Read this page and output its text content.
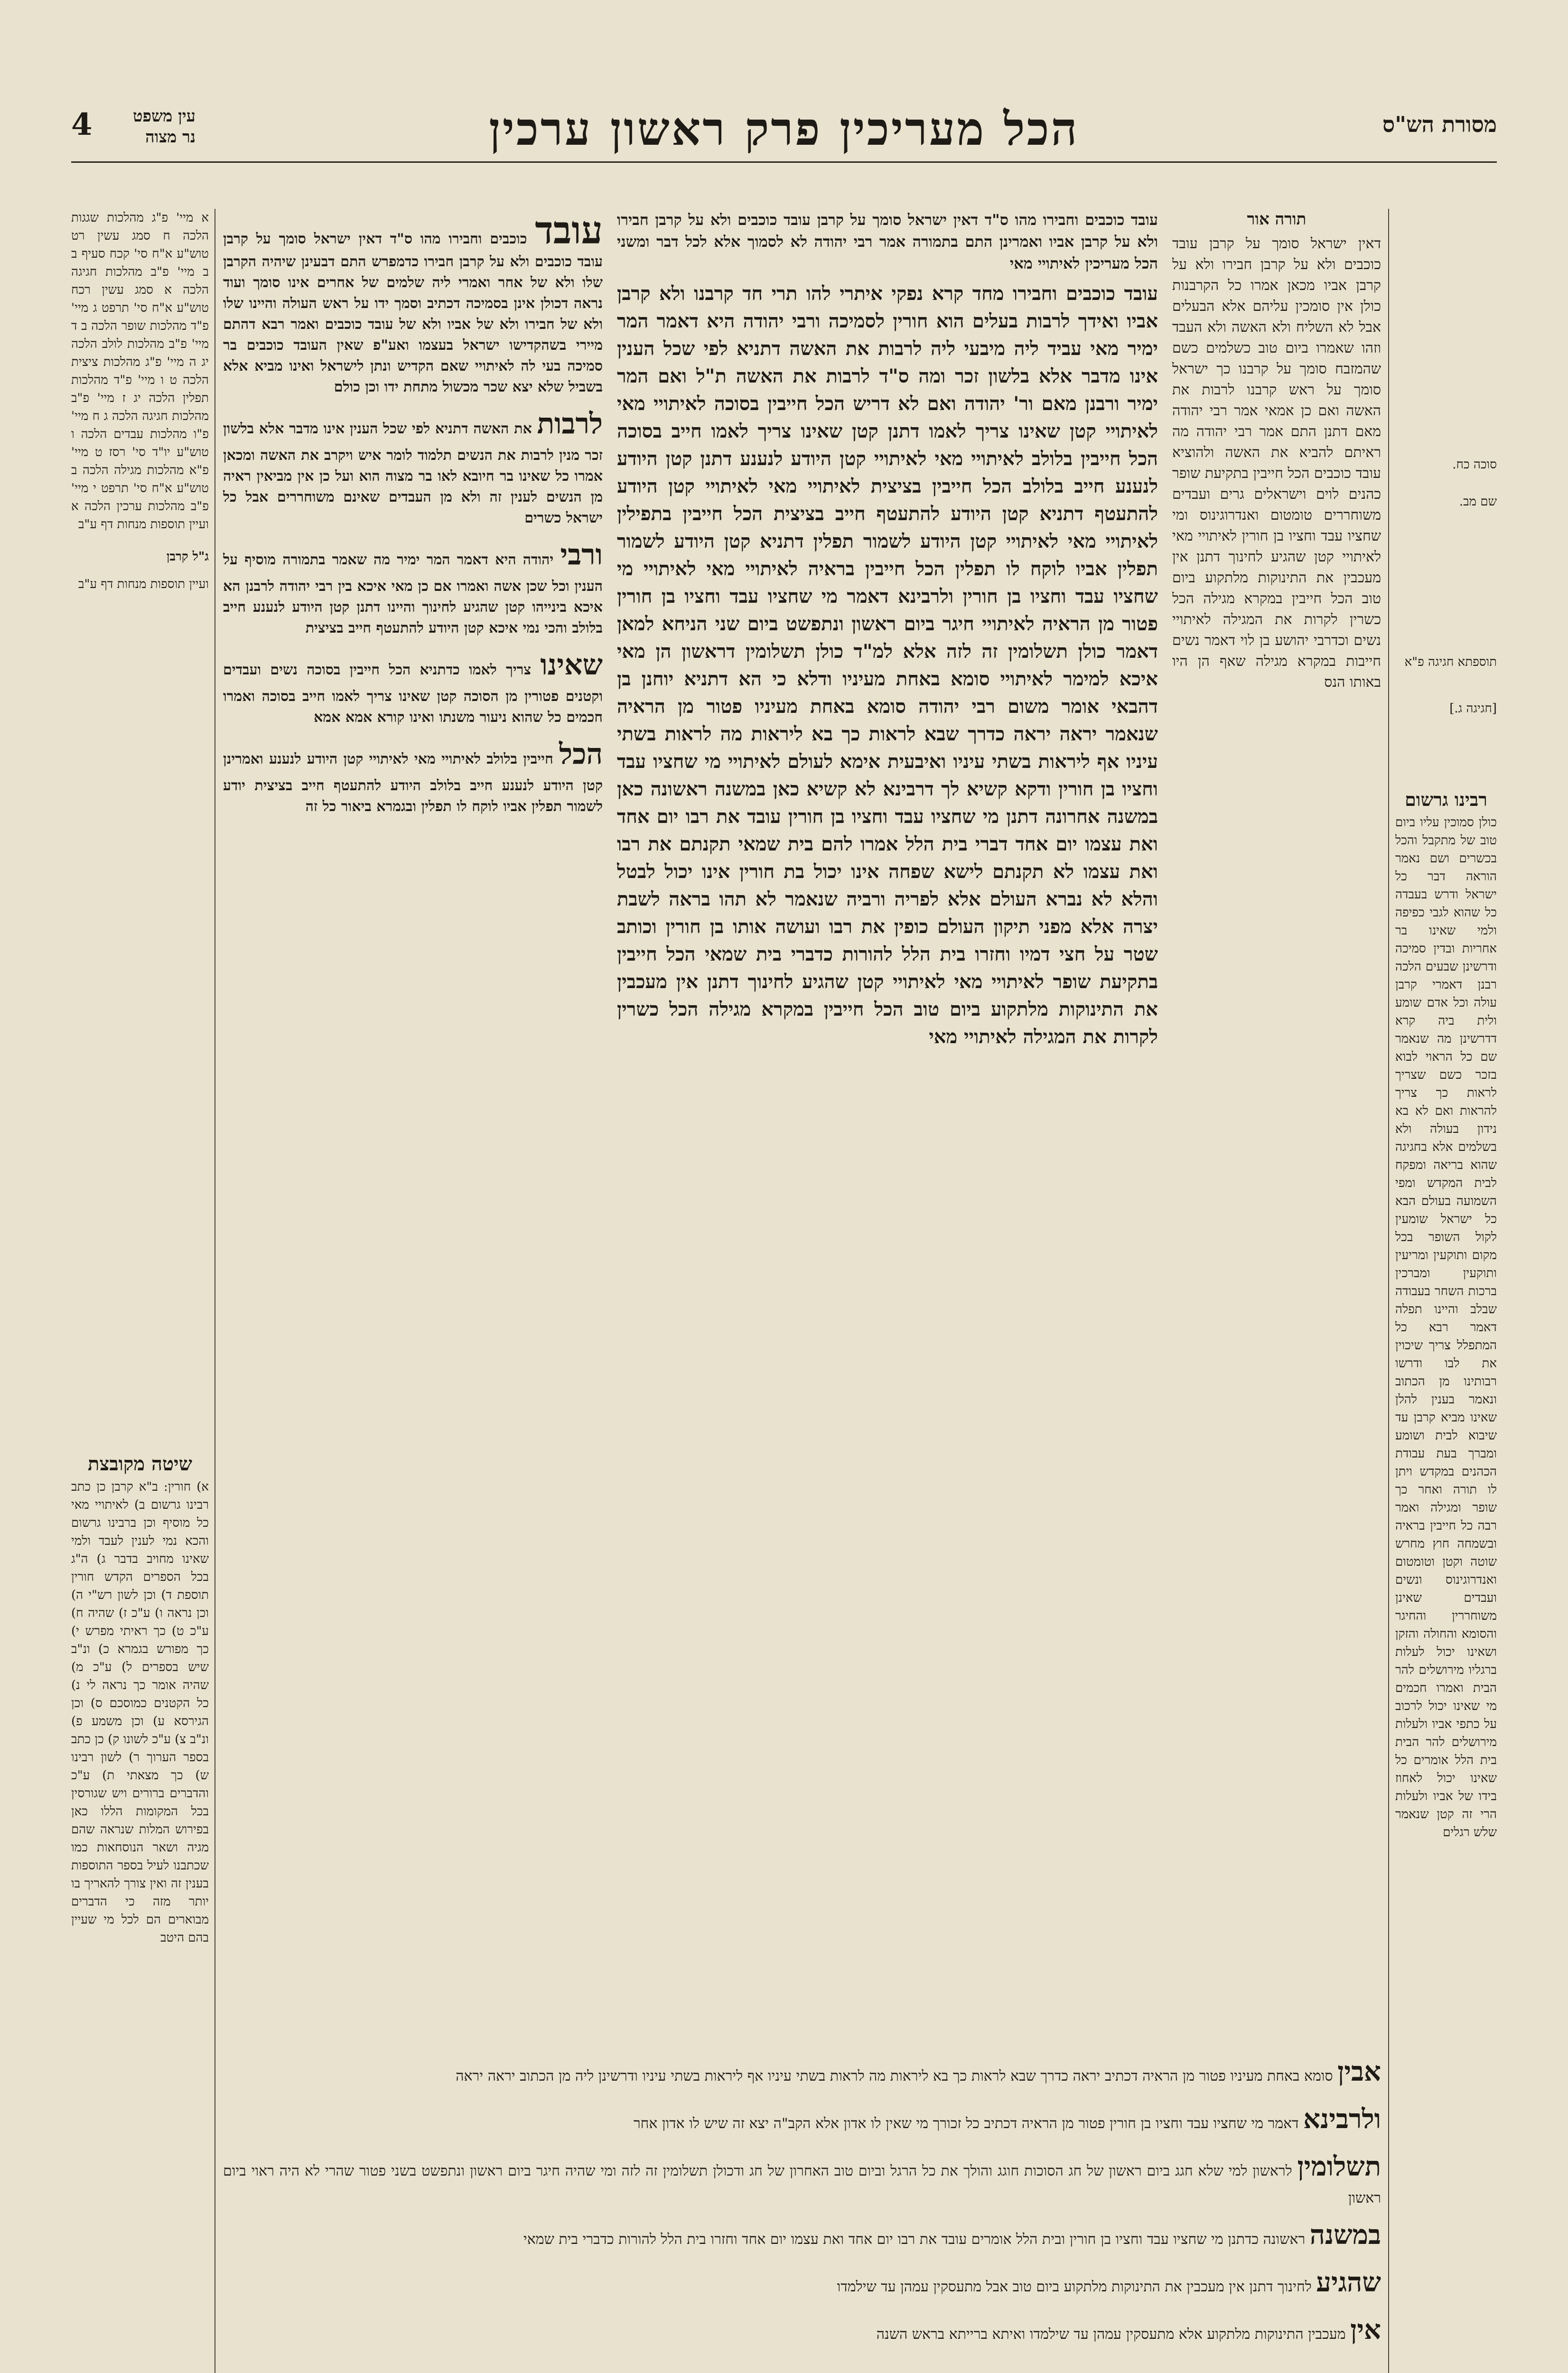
מסורת הש"ס
הכל מעריכין פרק ראשון ערכין
4	עין משפט
נר מצוה
א מיי' פ"ג מהלכות שגגות הלכה ח סמג עשין רט טוש"ע א"ח סי' קכח סעיף ב ב מיי' פ"ב מהלכות חגיגה הלכה א סמג עשין רכח טוש"ע א"ח סי' תרפט ג מיי' פ"ד מהלכות שופר הלכה ב ד מיי' פ"ב מהלכות לולב הלכה יג ה מיי' פ"ג מהלכות ציצית הלכה ט ו מיי' פ"ד מהלכות תפלין הלכה יג ז מיי' פ"ב מהלכות חגיגה הלכה ג ח מיי' פ"ו מהלכות עבדים הלכה ו טוש"ע יו"ד סי' רסז ט מיי' פ"א מהלכות מגילה הלכה ב טוש"ע א"ח סי' תרפט י מיי' פ"ב מהלכות ערכין הלכה א ועיין תוספות מנחות דף ע"ב
ג"ל קרבן
ועיין תוספות מנחות דף ע"ב
שיטה מקובצת
א) חורין: ב"א קרבן כן כתב רבינו גרשום ב) לאיתויי מאי כל מוסיף וכן ברבינו גרשום והכא נמי לענין לעבד ולמי שאינו מחויב בדבר ג) ה"ג בכל הספרים הקדש חורין תוספת ד) וכן לשון רש"י ה) וכן נראה ו) ע"כ ז) שהיה ח) ע"כ ט) כך ראיתי מפרש י) כך מפורש בגמרא כ) ונ"ב שיש בספרים ל) ע"כ מ) שהיה אומר כך נראה לי נ) כל הקטנים כמוסכם ס) וכן הגירסא ע) וכן משמע פ) ונ"ב צ) ע"כ לשונו ק) כן כתב בספר הערוך ר) לשון רבינו ש) כך מצאתי ת) ע"כ והדברים ברורים ויש שגורסין בכל המקומות הללו כאן בפירוש המלות שנראה שהם מגיה ושאר הנוסחאות כמו שכתבנו לעיל בספר התוספות בענין זה ואין צורך להאריך בו יותר מזה כי הדברים מבוארים הם לכל מי שעיין בהם היטב

עובד כוכבים וחבירו מהו ס"ד דאין ישראל סומך על קרבן עובד כוכבים ולא על קרבן חבירו כדמפרש התם דבעינן שיהיה הקרבן שלו ולא של אחר ואמרי ליה שלמים של אחרים אינו סומך ועוד נראה דכולן אינן בסמיכה דכתיב וסמך ידו על ראש העולה והיינו שלו ולא של חבירו ולא של אביו ולא של עובד כוכבים ואמר רבא דהתם מיירי בשהקדישו ישראל בעצמו ואע"פ שאין העובד כוכבים בר סמיכה בעי לה לאיתויי שאם הקדיש ונתן לישראל ואינו מביא אלא בשביל שלא יצא שכר מכשול מתחת ידו וכן כולם

לרבות את האשה דתניא לפי שכל הענין אינו מדבר אלא בלשון זכר מנין לרבות את הנשים תלמוד לומר איש ויקרב את האשה ומכאן אמרו כל שאינו בר חיובא לאו בר מצוה הוא ועל כן אין מביאין ראיה מן הנשים לענין זה ולא מן העבדים שאינם משוחררים אבל כל ישראל כשרים

ורבי יהודה היא דאמר המר ימיר מה שאמר בתמורה מוסיף על הענין וכל שכן אשה ואמרו אם כן מאי איכא בין רבי יהודה לרבנן הא איכא בינייהו קטן שהגיע לחינוך והיינו דתנן קטן היודע לנענע חייב בלולב והכי נמי איכא קטן היודע להתעטף חייב בציצית

שאינו צריך לאמו כדתניא הכל חייבין בסוכה נשים ועבדים וקטנים פטורין מן הסוכה קטן שאינו צריך לאמו חייב בסוכה ואמרו חכמים כל שהוא ניעור משנתו ואינו קורא אמא אמא

הכל חייבין בלולב לאיתויי מאי לאיתויי קטן היודע לנענע ואמרינן קטן היודע לנענע חייב בלולב היודע להתעטף חייב בציצית יודע לשמור תפלין אביו לוקח לו תפלין ובגמרא ביאור כל זה

עובד כוכבים וחבירו מהו ס"ד דאין ישראל סומך על קרבן עובד כוכבים ולא על קרבן חבירו ולא על קרבן אביו ואמרינן התם בתמורה אמר רבי יהודה לא לסמוך אלא לכל דבר ומשני הכל מעריכין לאיתויי מאי
עובד כוכבים וחבירו מחד קרא נפקי איתרי להו תרי חד קרבנו ולא קרבן אביו ואידך לרבות בעלים הוא חורין לסמיכה ורבי יהודה היא דאמר המר ימיר מאי עביד ליה מיבעי ליה לרבות את האשה דתניא לפי שכל הענין אינו מדבר אלא בלשון זכר ומה ס"ד לרבות את האשה ת"ל ואם המר ימיר ורבנן מאם ור' יהודה ואם לא דריש הכל חייבין בסוכה לאיתויי מאי לאיתויי קטן שאינו צריך לאמו דתנן קטן שאינו צריך לאמו חייב בסוכה הכל חייבין בלולב לאיתויי מאי לאיתויי קטן היודע לנענע דתנן קטן היודע לנענע חייב בלולב הכל חייבין בציצית לאיתויי מאי לאיתויי קטן היודע להתעטף דתניא קטן היודע להתעטף חייב בציצית הכל חייבין בתפילין לאיתויי מאי לאיתויי קטן היודע לשמור תפלין דתניא קטן היודע לשמור תפלין אביו לוקח לו תפלין הכל חייבין בראיה לאיתויי מאי לאיתויי מי שחציו עבד וחציו בן חורין ולרבינא דאמר מי שחציו עבד וחציו בן חורין פטור מן הראיה לאיתויי חיגר ביום ראשון ונתפשט ביום שני הניחא למאן דאמר כולן תשלומין זה לזה אלא למ"ד כולן תשלומין דראשון הן מאי איכא למימר לאיתויי סומא באחת מעיניו ודלא כי הא דתניא יוחנן בן דהבאי אומר משום רבי יהודה סומא באחת מעיניו פטור מן הראיה שנאמר יראה יראה כדרך שבא לראות כך בא ליראות מה לראות בשתי עיניו אף ליראות בשתי עיניו ואיבעית אימא לעולם לאיתויי מי שחציו עבד וחציו בן חורין ודקא קשיא לך דרבינא לא קשיא כאן במשנה ראשונה כאן במשנה אחרונה דתנן מי שחציו עבד וחציו בן חורין עובד את רבו יום אחד ואת עצמו יום אחד דברי בית הלל אמרו להם בית שמאי תקנתם את רבו ואת עצמו לא תקנתם לישא שפחה אינו יכול בת חורין אינו יכול לבטל והלא לא נברא העולם אלא לפריה ורביה שנאמר לא תהו בראה לשבת יצרה אלא מפני תיקון העולם כופין את רבו ועושה אותו בן חורין וכותב שטר על חצי דמיו וחזרו בית הלל להורות כדברי בית שמאי הכל חייבין בתקיעת שופר לאיתויי מאי לאיתויי קטן שהגיע לחינוך דתנן אין מעכבין את התינוקות מלתקוע ביום טוב הכל חייבין במקרא מגילה הכל כשרין לקרות את המגילה לאיתויי מאי
תורה אור
דאין ישראל סומך על קרבן עובד כוכבים ולא על קרבן חבירו ולא על קרבן אביו מכאן אמרו כל הקרבנות כולן אין סומכין עליהם אלא הבעלים אבל לא השליח ולא האשה ולא העבד וזהו שאמרו ביום טוב כשלמים כשם שהמזבח סומך על קרבנו כך ישראל סומך על ראש קרבנו לרבות את האשה ואם כן אמאי אמר רבי יהודה מאם דתנן התם אמר רבי יהודה מה ראיתם להביא את האשה ולהוציא עובד כוכבים הכל חייבין בתקיעת שופר כהנים לוים וישראלים גרים ועבדים משוחררים טומטום ואנדרוגינוס ומי שחציו עבד וחציו בן חורין לאיתויי מאי לאיתויי קטן שהגיע לחינוך דתנן אין מעכבין את התינוקות מלתקוע ביום טוב הכל חייבין במקרא מגילה הכל כשרין לקרות את המגילה לאיתויי נשים וכדרבי יהושע בן לוי דאמר נשים חייבות במקרא מגילה שאף הן היו באותו הנס
סוכה כח.
שם מב.
תוספתא חגיגה פ"א
[חגיגה ג.]
רבינו גרשום
כולן סמוכין עליו ביום טוב של מתקבל והכל בכשרים ושם נאמר הוראה דבר כל ישראל ודרש בעבדה כל שהוא לגבי כפיפה ולמי שאינו בר אחריות ובדין סמיכה ודרשינן שבעים הלכה רבנן דאמרי קרבן עולה וכל אדם שומע ולית ביה קרא דדרשינן מה שנאמר שם כל הראוי לבוא בזכר כשם שצריך לראות כך צריך להראות ואם לא בא נידון בעולה ולא בשלמים אלא בחגיגה שהוא בריאה ומפקח לבית המקדש ומפי השמועה בעולם הבא כל ישראל שומעין לקול השופר בכל מקום ותוקעין ומריעין ותוקעין ומברכין ברכות השחר בעבודה שבלב והיינו תפלה דאמר רבא כל המתפלל צריך שיכוין את לבו ודרשו רבותינו מן הכתוב ונאמר בענין להלן שאינו מביא קרבן עד שיבוא לבית ושומע ומברך בעת עבודת הכהנים במקדש ויתן לו תורה ואחר כך שופר ומגילה ואמר רבה כל חייבין בראיה ובשמחה חוץ מחרש שוטה וקטן וטומטום ואנדרוגינוס ונשים ועבדים שאינן משוחררין והחיגר והסומא והחולה והזקן ושאינו יכול לעלות ברגליו מירושלים להר הבית ואמרו חכמים מי שאינו יכול לרכוב על כתפי אביו ולעלות מירושלים להר הבית בית הלל אומרים כל שאינו יכול לאחוז בידו של אביו ולעלות הרי זה קטן שנאמר שלש רגלים

אבין סומא באחת מעיניו פטור מן הראיה דכתיב יראה כדרך שבא לראות כך בא ליראות מה לראות בשתי עיניו אף ליראות בשתי עיניו ודרשינן ליה מן הכתוב יראה יראה

ולרבינא דאמר מי שחציו עבד וחציו בן חורין פטור מן הראיה דכתיב כל זכורך מי שאין לו אדון אלא הקב"ה יצא זה שיש לו אדון אחר

תשלומין לראשון למי שלא חגג ביום ראשון של חג הסוכות חוגג והולך את כל הרגל וביום טוב האחרון של חג ודכולן תשלומין זה לזה ומי שהיה חיגר ביום ראשון ונתפשט בשני פטור שהרי לא היה ראוי ביום ראשון

במשנה ראשונה כדתנן מי שחציו עבד וחציו בן חורין ובית הלל אומרים עובד את רבו יום אחד ואת עצמו יום אחד וחזרו בית הלל להורות כדברי בית שמאי

שהגיע לחינוך דתנן אין מעכבין את התינוקות מלתקוע ביום טוב אבל מתעסקין עמהן עד שילמדו

אין מעכבין התינוקות מלתקוע אלא מתעסקין עמהן עד שילמדו ואיתא ברייתא בראש השנה
